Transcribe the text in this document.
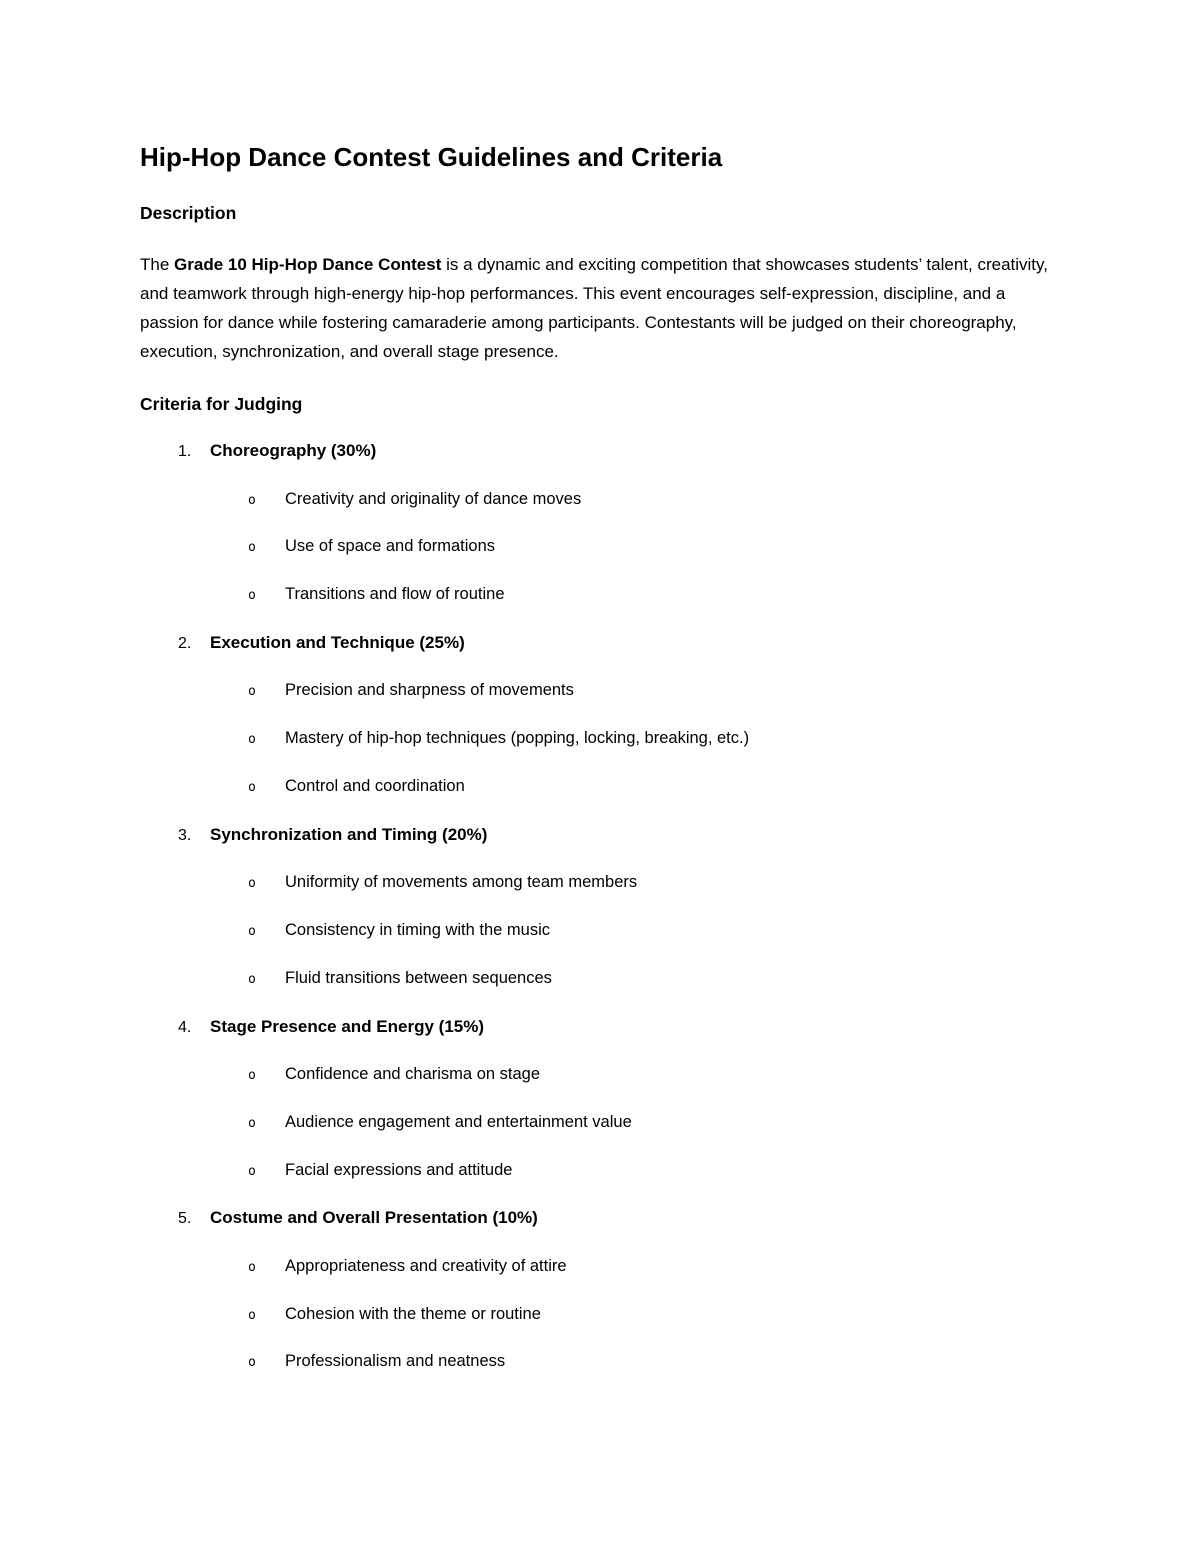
Hip-Hop Dance Contest Guidelines and Criteria
Description

The Grade 10 Hip-Hop Dance Contest is a dynamic and exciting competition that showcases students’ talent, creativity, and teamwork through high-energy hip-hop performances. This event encourages self-expression, discipline, and a passion for dance while fostering camaraderie among participants. Contestants will be judged on their choreography, execution, synchronization, and overall stage presence.

Criteria for Judging
1. Choreography (30%)
o Creativity and originality of dance moves
o Use of space and formations
o Transitions and flow of routine
2. Execution and Technique (25%)
o Precision and sharpness of movements
o Mastery of hip-hop techniques (popping, locking, breaking, etc.)
o Control and coordination
3. Synchronization and Timing (20%)
o Uniformity of movements among team members
o Consistency in timing with the music
o Fluid transitions between sequences
4. Stage Presence and Energy (15%)
o Confidence and charisma on stage
o Audience engagement and entertainment value
o Facial expressions and attitude
5. Costume and Overall Presentation (10%)
o Appropriateness and creativity of attire
o Cohesion with the theme or routine
o Professionalism and neatness
